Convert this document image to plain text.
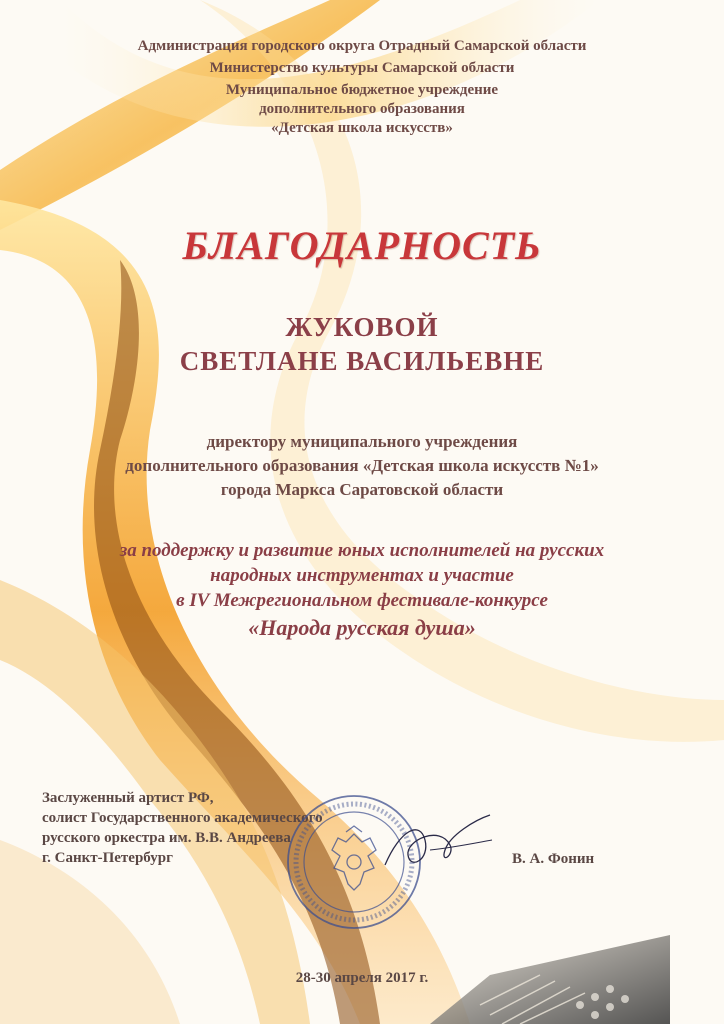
Администрация городского округа Отрадный Самарской области
Министерство культуры Самарской области
Муниципальное бюджетное учреждение
дополнительного образования
«Детская школа искусств»
БЛАГОДАРНОСТЬ
ЖУКОВОЙ
СВЕТЛАНЕ ВАСИЛЬЕВНЕ
директору муниципального учреждения
дополнительного образования «Детская школа искусств №1»
города Маркса Саратовской области
за поддержку и развитие юных исполнителей на русских
народных инструментах и участие
в IV Межрегиональном фестивале-конкурсе
«Народа русская душа»
Заслуженный артист РФ,
солист Государственного академического
русского оркестра им. В.В. Андреева
г. Санкт-Петербург	В. А. Фонин
28-30 апреля 2017 г.
